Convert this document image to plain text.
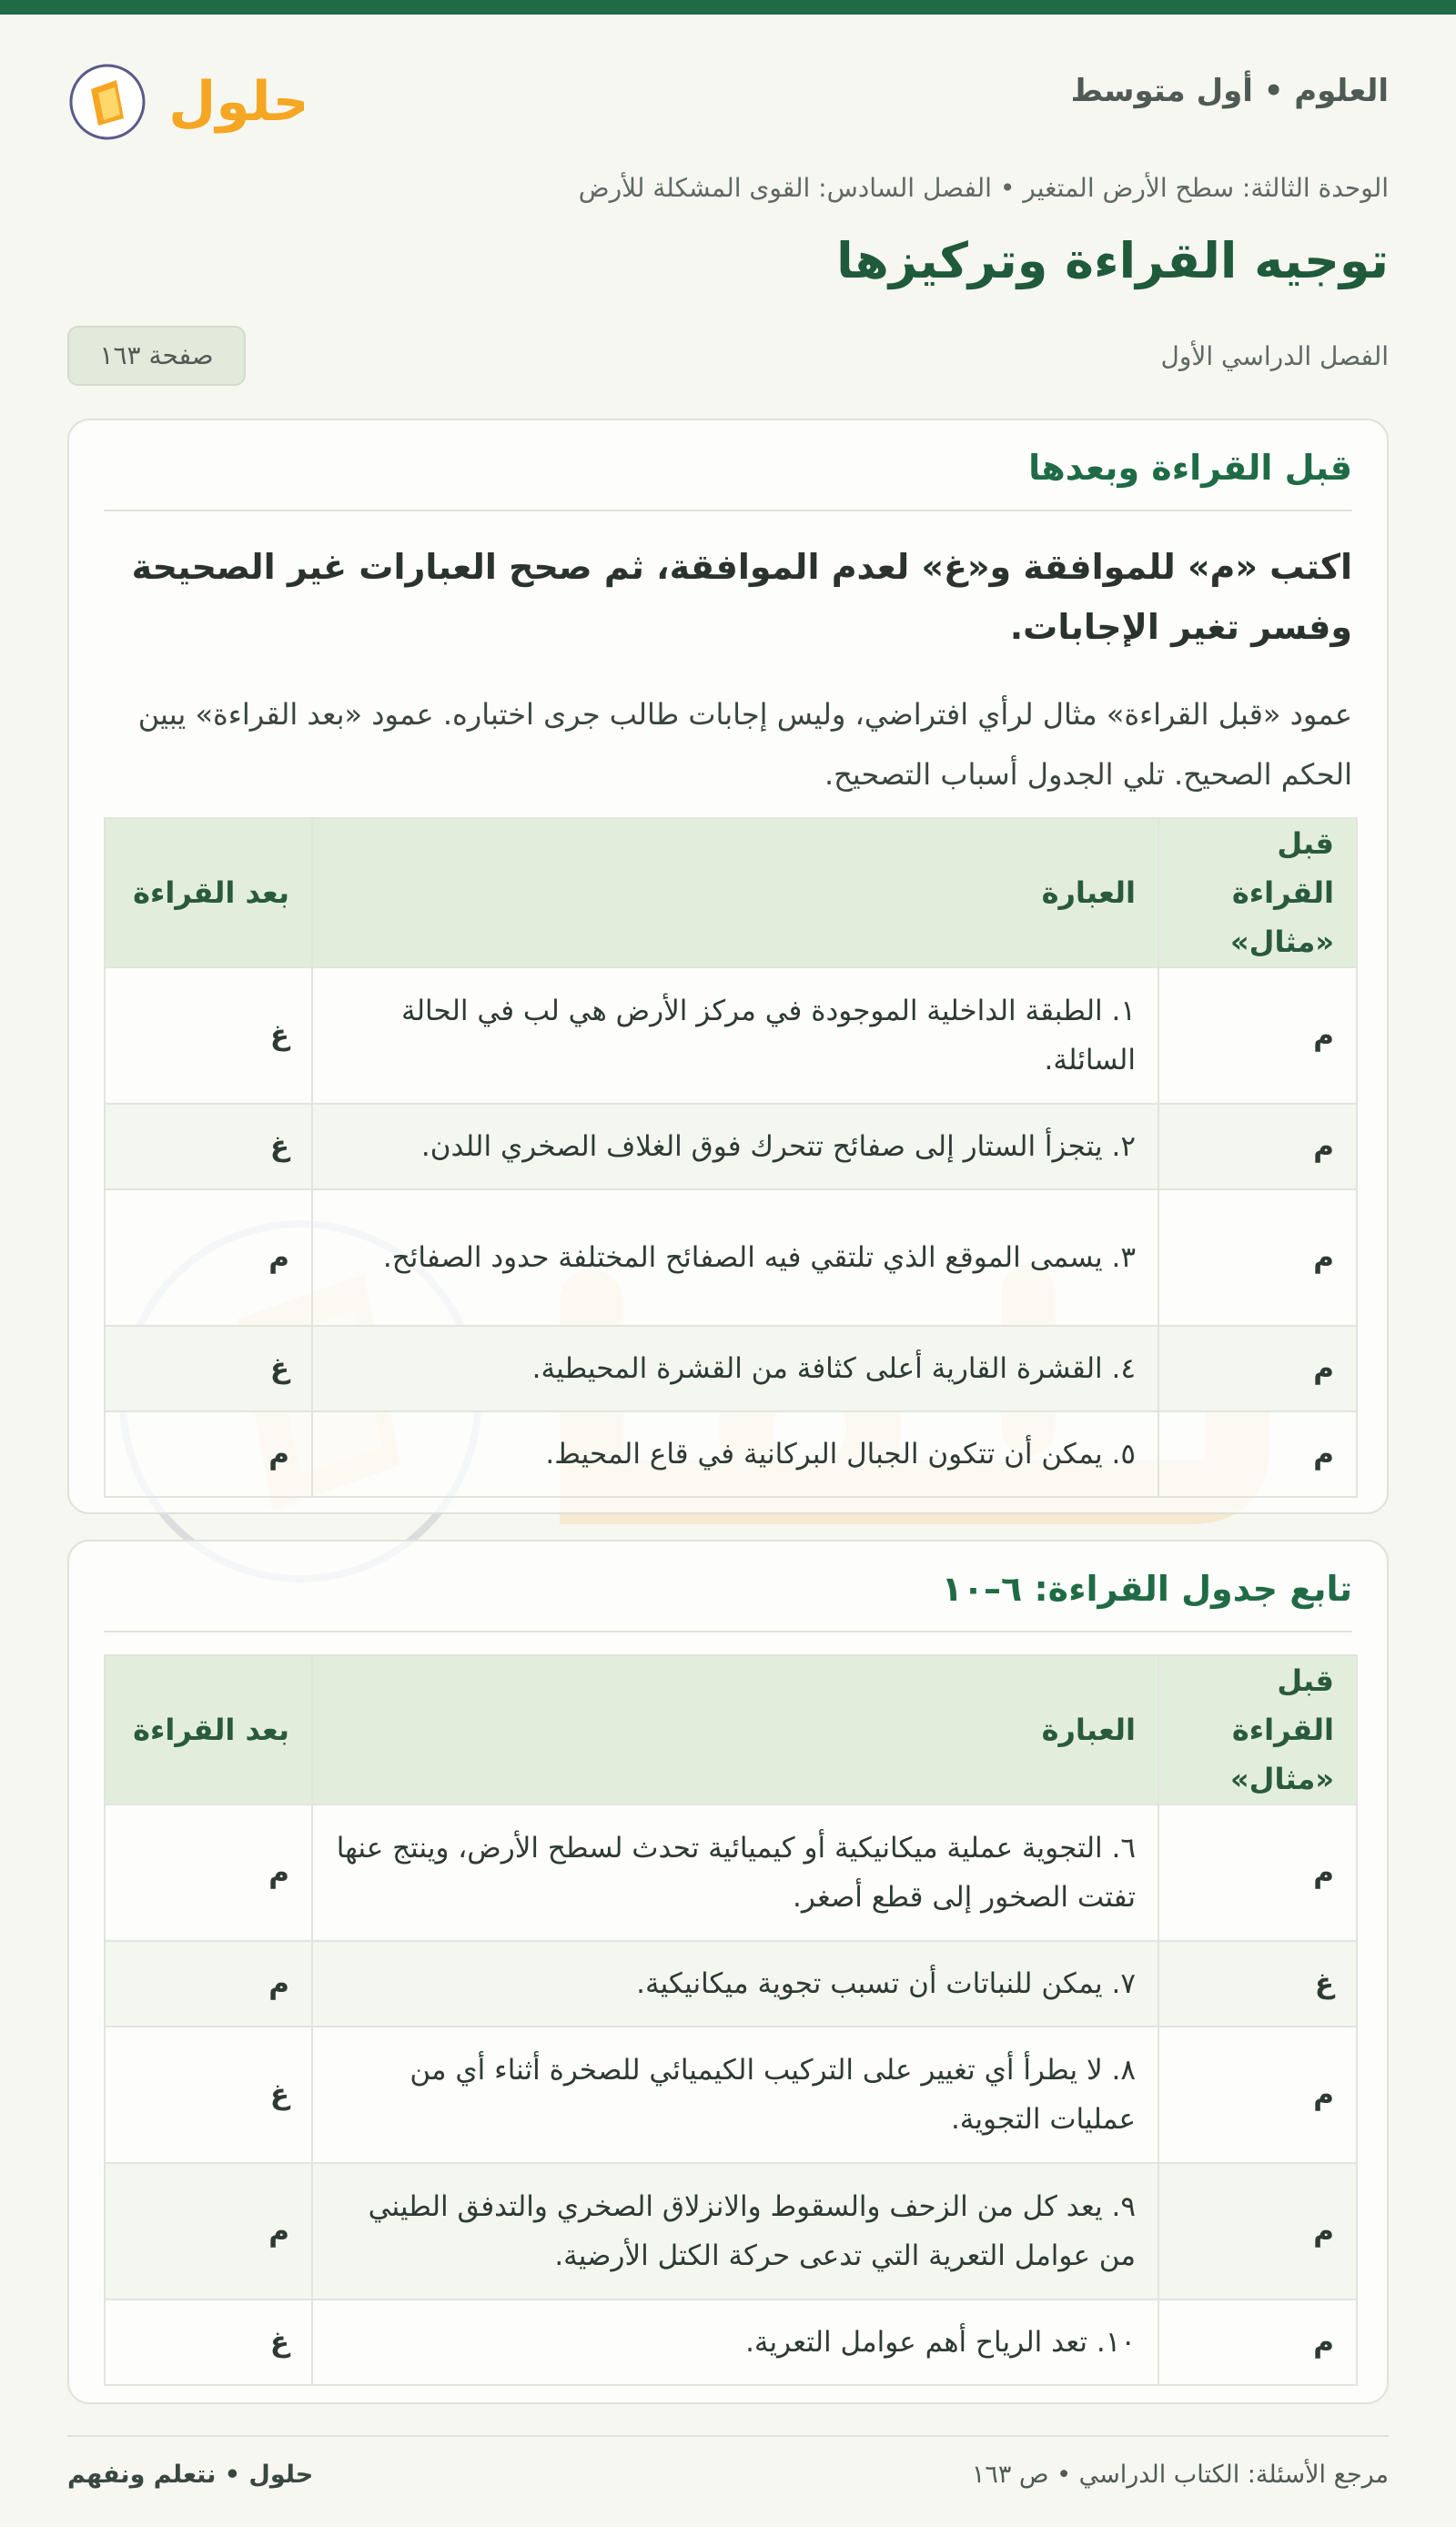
العلوم • أول متوسط
حلول
الوحدة الثالثة: سطح الأرض المتغير • الفصل السادس: القوى المشكلة للأرض
توجيه القراءة وتركيزها
الفصل الدراسي الأول
صفحة ١٦٣
قبل القراءة وبعدها

اكتب «م» للموافقة و«غ» لعدم الموافقة، ثم صحح العبارات غير الصحيحة وفسر تغير الإجابات.

عمود «قبل القراءة» مثال لرأي افتراضي، وليس إجابات طالب جرى اختباره. عمود «بعد القراءة» يبين الحكم الصحيح. تلي الجدول أسباب التصحيح.

قبل القراءة «مثال»	العبارة	بعد القراءة
م	١. الطبقة الداخلية الموجودة في مركز الأرض هي لب في الحالة السائلة.	غ
م	٢. يتجزأ الستار إلى صفائح تتحرك فوق الغلاف الصخري اللدن.	غ
م	٣. يسمى الموقع الذي تلتقي فيه الصفائح المختلفة حدود الصفائح.	م
م	٤. القشرة القارية أعلى كثافة من القشرة المحيطية.	غ
م	٥. يمكن أن تتكون الجبال البركانية في قاع المحيط.	م
تابع جدول القراءة: ٦–١٠
قبل القراءة «مثال»	العبارة	بعد القراءة
م	٦. التجوية عملية ميكانيكية أو كيميائية تحدث لسطح الأرض، وينتج عنها تفتت الصخور إلى قطع أصغر.	م
غ	٧. يمكن للنباتات أن تسبب تجوية ميكانيكية.	م
م	٨. لا يطرأ أي تغيير على التركيب الكيميائي للصخرة أثناء أي من عمليات التجوية.	غ
م	٩. يعد كل من الزحف والسقوط والانزلاق الصخري والتدفق الطيني من عوامل التعرية التي تدعى حركة الكتل الأرضية.	م
م	١٠. تعد الرياح أهم عوامل التعرية.	غ
مرجع الأسئلة: الكتاب الدراسي • ص ١٦٣
حلول • نتعلم ونفهم
